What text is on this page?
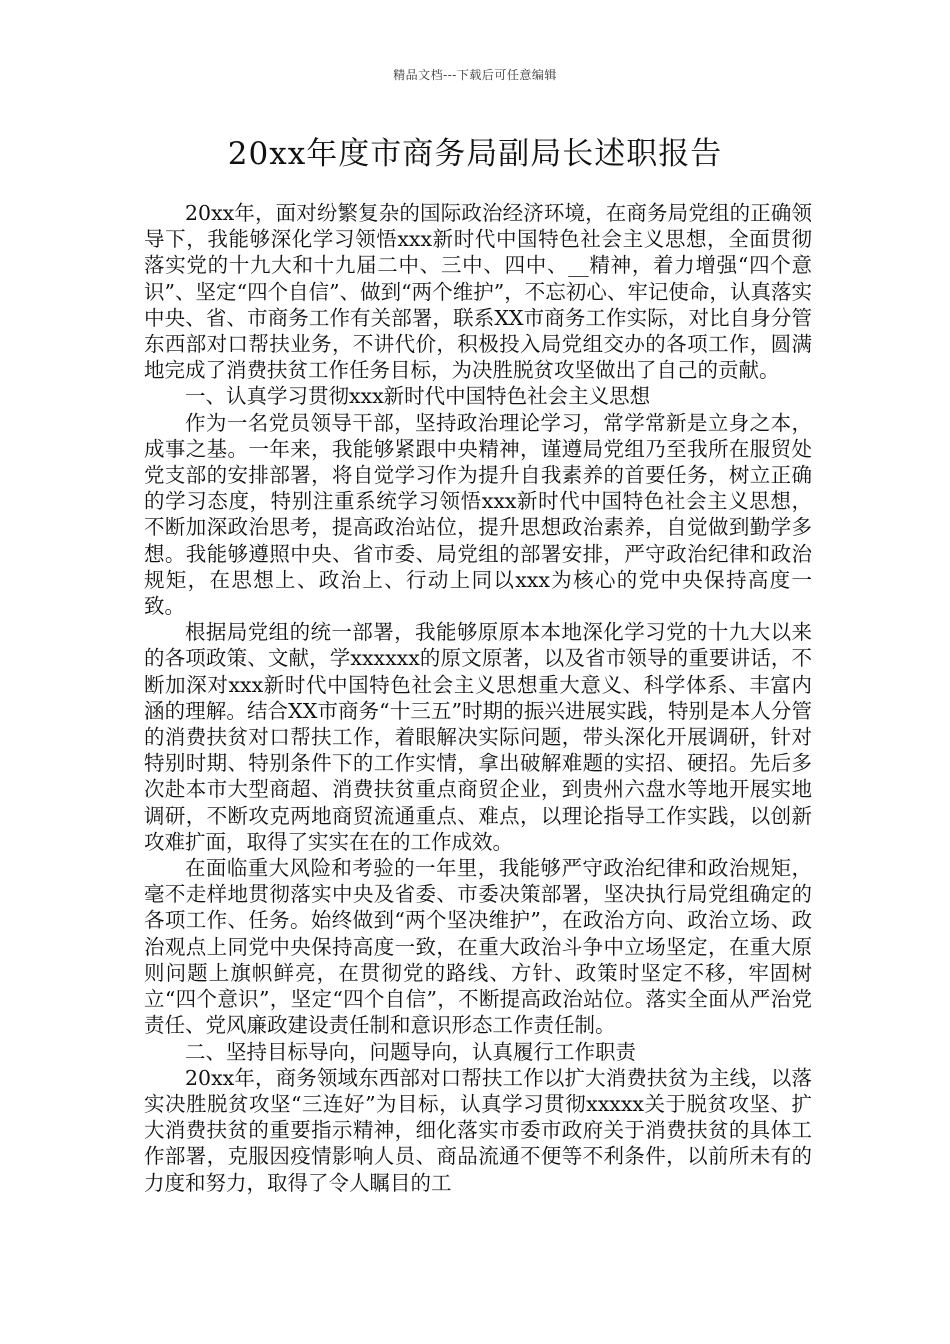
精品文档---下载后可任意编辑
20xx年度市商务局副局长述职报告

20xx年，面对纷繁复杂的国际政治经济环境，在商务局党组的正确领导下，我能够深化学习领悟xxx新时代中国特色社会主义思想，全面贯彻落实党的十九大和十九届二中、三中、四中、__精神，着力增强“四个意识”、坚定“四个自信”、做到“两个维护”，不忘初心、牢记使命，认真落实中央、省、市商务工作有关部署，联系XX市商务工作实际，对比自身分管东西部对口帮扶业务，不讲代价，积极投入局党组交办的各项工作，圆满地完成了消费扶贫工作任务目标，为决胜脱贫攻坚做出了自己的贡献。

一、认真学习贯彻xxx新时代中国特色社会主义思想

作为一名党员领导干部，坚持政治理论学习，常学常新是立身之本，成事之基。一年来，我能够紧跟中央精神，谨遵局党组乃至我所在服贸处党支部的安排部署，将自觉学习作为提升自我素养的首要任务，树立正确的学习态度，特别注重系统学习领悟xxx新时代中国特色社会主义思想，不断加深政治思考，提高政治站位，提升思想政治素养，自觉做到勤学多想。我能够遵照中央、省市委、局党组的部署安排，严守政治纪律和政治规矩，在思想上、政治上、行动上同以xxx为核心的党中央保持高度一致。

根据局党组的统一部署，我能够原原本本地深化学习党的十九大以来的各项政策、文献，学xxxxxx的原文原著，以及省市领导的重要讲话，不断加深对xxx新时代中国特色社会主义思想重大意义、科学体系、丰富内涵的理解。结合XX市商务“十三五”时期的振兴进展实践，特别是本人分管的消费扶贫对口帮扶工作，着眼解决实际问题，带头深化开展调研，针对特别时期、特别条件下的工作实情，拿出破解难题的实招、硬招。先后多次赴本市大型商超、消费扶贫重点商贸企业，到贵州六盘水等地开展实地调研，不断攻克两地商贸流通重点、难点，以理论指导工作实践，以创新攻难扩面，取得了实实在在的工作成效。

在面临重大风险和考验的一年里，我能够严守政治纪律和政治规矩，毫不走样地贯彻落实中央及省委、市委决策部署，坚决执行局党组确定的各项工作、任务。始终做到“两个坚决维护”，在政治方向、政治立场、政治观点上同党中央保持高度一致，在重大政治斗争中立场坚定，在重大原则问题上旗帜鲜亮，在贯彻党的路线、方针、政策时坚定不移，牢固树立“四个意识”，坚定“四个自信”，不断提高政治站位。落实全面从严治党责任、党风廉政建设责任制和意识形态工作责任制。

二、坚持目标导向，问题导向，认真履行工作职责

20xx年，商务领域东西部对口帮扶工作以扩大消费扶贫为主线，以落实决胜脱贫攻坚“三连好”为目标，认真学习贯彻xxxxx关于脱贫攻坚、扩大消费扶贫的重要指示精神，细化落实市委市政府关于消费扶贫的具体工作部署，克服因疫情影响人员、商品流通不便等不利条件，以前所未有的力度和努力，取得了令人瞩目的工
